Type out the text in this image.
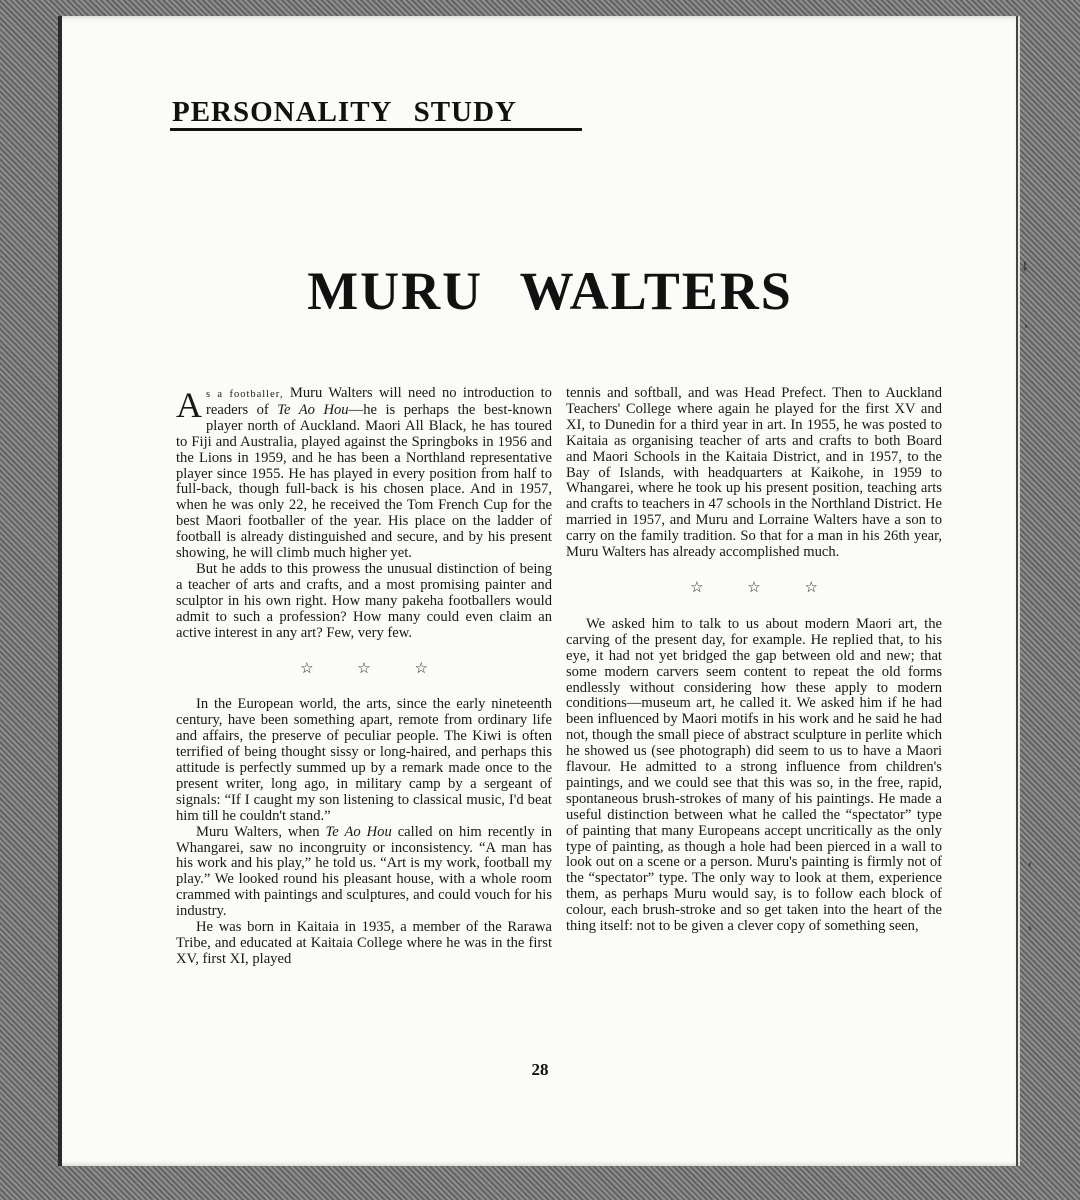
PERSONALITY STUDY
MURU WALTERS

As a footballer, Muru Walters will need no introduction to readers of Te Ao Hou—he is perhaps the best-known player north of Auckland. Maori All Black, he has toured to Fiji and Australia, played against the Springboks in 1956 and the Lions in 1959, and he has been a Northland representative player since 1955. He has played in every position from half to full-back, though full-back is his chosen place. And in 1957, when he was only 22, he received the Tom French Cup for the best Maori footballer of the year. His place on the ladder of football is already distinguished and secure, and by his present showing, he will climb much higher yet.

But he adds to this prowess the unusual distinction of being a teacher of arts and crafts, and a most promising painter and sculptor in his own right. How many pakeha footballers would admit to such a profession? How many could even claim an active interest in any art? Few, very few.

☆ ☆ ☆

In the European world, the arts, since the early nineteenth century, have been something apart, remote from ordinary life and affairs, the preserve of peculiar people. The Kiwi is often terrified of being thought sissy or long-haired, and perhaps this attitude is perfectly summed up by a remark made once to the present writer, long ago, in military camp by a sergeant of signals: “If I caught my son listening to classical music, I'd beat him till he couldn't stand.”

Muru Walters, when Te Ao Hou called on him recently in Whangarei, saw no incongruity or inconsistency. “A man has his work and his play,” he told us. “Art is my work, football my play.” We looked round his pleasant house, with a whole room crammed with paintings and sculptures, and could vouch for his industry.

He was born in Kaitaia in 1935, a member of the Rarawa Tribe, and educated at Kaitaia College where he was in the first XV, first XI, played

tennis and softball, and was Head Prefect. Then to Auckland Teachers' College where again he played for the first XV and XI, to Dunedin for a third year in art. In 1955, he was posted to Kaitaia as organising teacher of arts and crafts to both Board and Maori Schools in the Kaitaia District, and in 1957, to the Bay of Islands, with headquarters at Kaikohe, in 1959 to Whangarei, where he took up his present position, teaching arts and crafts to teachers in 47 schools in the Northland District. He married in 1957, and Muru and Lorraine Walters have a son to carry on the family tradition. So that for a man in his 26th year, Muru Walters has already accomplished much.

☆ ☆ ☆

We asked him to talk to us about modern Maori art, the carving of the present day, for example. He replied that, to his eye, it had not yet bridged the gap between old and new; that some modern carvers seem content to repeat the old forms endlessly without considering how these apply to modern conditions—museum art, he called it. We asked him if he had been influenced by Maori motifs in his work and he said he had not, though the small piece of abstract sculpture in perlite which he showed us (see photograph) did seem to us to have a Maori flavour. He admitted to a strong influence from children's paintings, and we could see that this was so, in the free, rapid, spontaneous brush-strokes of many of his paintings. He made a useful distinction between what he called the “spectator” type of painting that many Europeans accept uncritically as the only type of painting, as though a hole had been pierced in a wall to look out on a scene or a person. Muru's painting is firmly not of the “spectator” type. The only way to look at them, experience them, as perhaps Muru would say, is to follow each block of colour, each brush-stroke and so get taken into the heart of the thing itself: not to be given a clever copy of something seen,

28
⸸
›
‹
›
